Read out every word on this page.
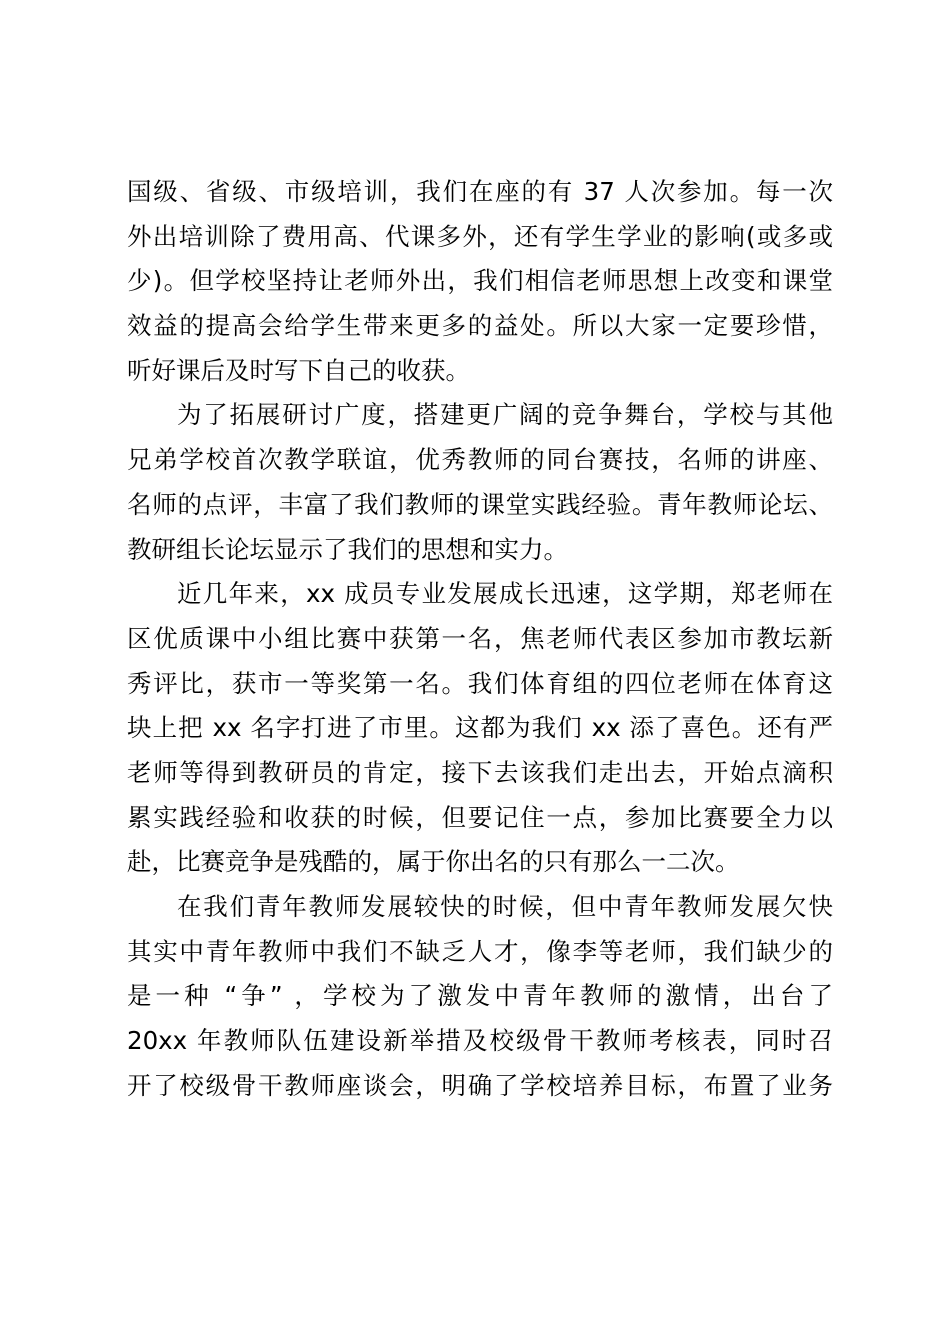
国级、省级、市级培训，我们在座的有 37 人次参加。每一次
外出培训除了费用高、代课多外，还有学生学业的影响(或多或
少)。但学校坚持让老师外出，我们相信老师思想上改变和课堂
效益的提高会给学生带来更多的益处。所以大家一定要珍惜，
听好课后及时写下自己的收获。
为了拓展研讨广度，搭建更广阔的竞争舞台，学校与其他
兄弟学校首次教学联谊，优秀教师的同台赛技，名师的讲座、
名师的点评，丰富了我们教师的课堂实践经验。青年教师论坛、
教研组长论坛显示了我们的思想和实力。
近几年来，xx 成员专业发展成长迅速，这学期，郑老师在
区优质课中小组比赛中获第一名，焦老师代表区参加市教坛新
秀评比，获市一等奖第一名。我们体育组的四位老师在体育这
块上把 xx 名字打进了市里。这都为我们 xx 添了喜色。还有严
老师等得到教研员的肯定，接下去该我们走出去，开始点滴积
累实践经验和收获的时候，但要记住一点，参加比赛要全力以
赴，比赛竞争是残酷的，属于你出名的只有那么一二次。
在我们青年教师发展较快的时候，但中青年教师发展欠快
其实中青年教师中我们不缺乏人才，像李等老师，我们缺少的
是一种 “争” ，学校为了激发中青年教师的激情，出台了
20xx 年教师队伍建设新举措及校级骨干教师考核表，同时召
开了校级骨干教师座谈会，明确了学校培养目标，布置了业务
